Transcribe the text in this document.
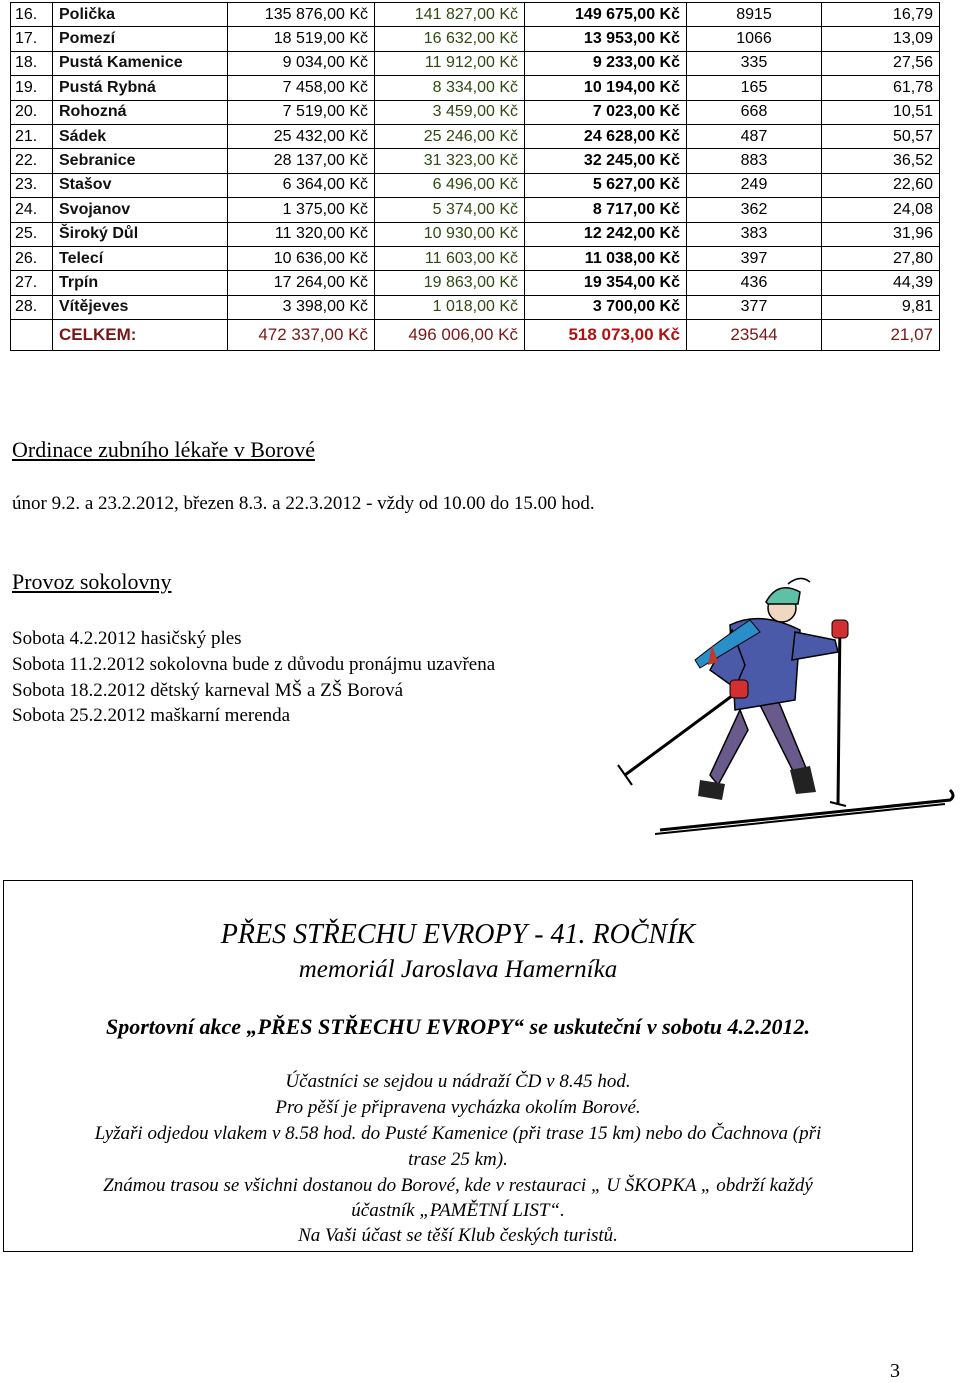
16.	Polička	135 876,00 Kč	141 827,00 Kč	149 675,00 Kč	8915	16,79
17.	Pomezí	18 519,00 Kč	16 632,00 Kč	13 953,00 Kč	1066	13,09
18.	Pustá Kamenice	9 034,00 Kč	11 912,00 Kč	9 233,00 Kč	335	27,56
19.	Pustá Rybná	7 458,00 Kč	8 334,00 Kč	10 194,00 Kč	165	61,78
20.	Rohozná	7 519,00 Kč	3 459,00 Kč	7 023,00 Kč	668	10,51
21.	Sádek	25 432,00 Kč	25 246,00 Kč	24 628,00 Kč	487	50,57
22.	Sebranice	28 137,00 Kč	31 323,00 Kč	32 245,00 Kč	883	36,52
23.	Stašov	6 364,00 Kč	6 496,00 Kč	5 627,00 Kč	249	22,60
24.	Svojanov	1 375,00 Kč	5 374,00 Kč	8 717,00 Kč	362	24,08
25.	Široký Důl	11 320,00 Kč	10 930,00 Kč	12 242,00 Kč	383	31,96
26.	Telecí	10 636,00 Kč	11 603,00 Kč	11 038,00 Kč	397	27,80
27.	Trpín	17 264,00 Kč	19 863,00 Kč	19 354,00 Kč	436	44,39
28.	Vítějeves	3 398,00 Kč	1 018,00 Kč	3 700,00 Kč	377	9,81
	CELKEM:	472 337,00 Kč	496 006,00 Kč	518 073,00 Kč	23544	21,07
Ordinace zubního lékaře v Borové
únor 9.2. a 23.2.2012, březen 8.3. a 22.3.2012 - vždy od 10.00 do 15.00 hod.
Provoz sokolovny
Sobota 4.2.2012 hasičský ples
Sobota 11.2.2012 sokolovna bude z důvodu pronájmu uzavřena
Sobota 18.2.2012 dětský karneval MŠ a ZŠ Borová
Sobota 25.2.2012 maškarní merenda
PŘES STŘECHU EVROPY - 41. ROČNÍK
memoriál Jaroslava Hamerníka
Sportovní akce „PŘES STŘECHU EVROPY“ se uskuteční v sobotu 4.2.2012.
Účastníci se sejdou u nádraží ČD v 8.45 hod.
Pro pěší je připravena vycházka okolím Borové.
Lyžaři odjedou vlakem v 8.58 hod. do Pusté Kamenice (při trase 15 km) nebo do Čachnova (při
trase 25 km).
Známou trasou se všichni dostanou do Borové, kde v restauraci „ U ŠKOPKA „ obdrží každý
účastník „PAMĚTNÍ LIST“.
Na Vaši účast se těší Klub českých turistů.
3
